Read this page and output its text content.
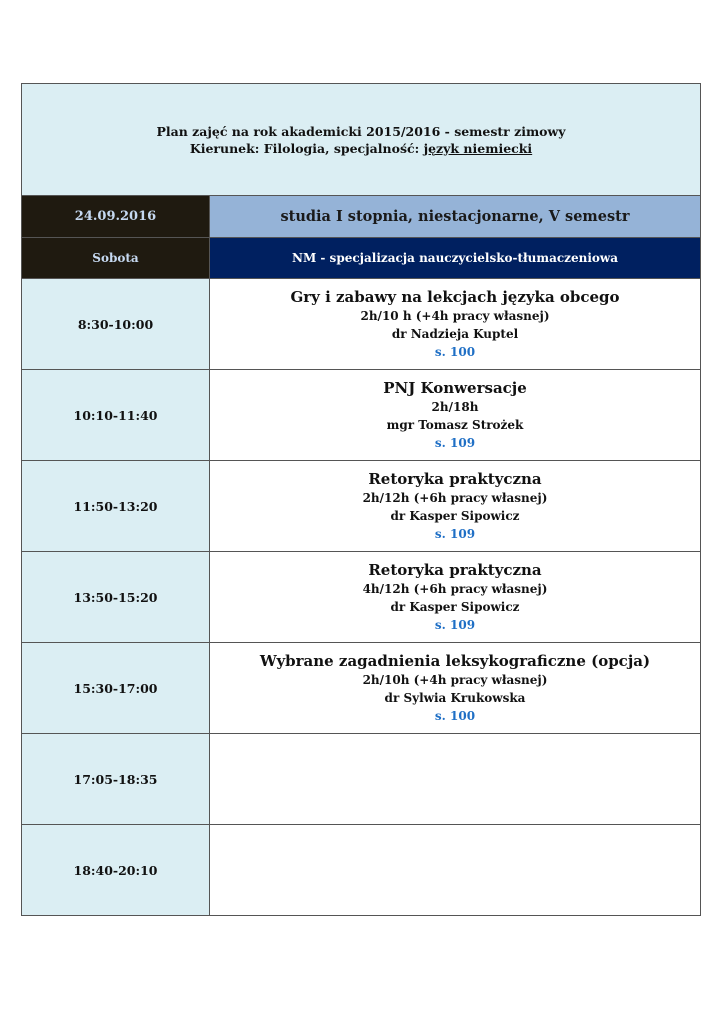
Plan zajęć na rok akademicki 2015/2016 - semestr zimowy
Kierunek: Filologia, specjalność: język niemiecki	

24.09.2016	studia I stopnia, niestacjonarne, V semestr
Sobota	NM - specjalizacja nauczycielsko-tłumaczeniowa
8:30-10:00	Gry i zabawy na lekcjach języka obcego
2h/10 h (+4h pracy własnej)
dr Nadzieja Kuptel
s. 100

10:10-11:40	PNJ Konwersacje
2h/18h
mgr Tomasz Strożek
s. 109

11:50-13:20	Retoryka praktyczna
2h/12h (+6h pracy własnej)
dr Kasper Sipowicz
s. 109

13:50-15:20	Retoryka praktyczna
4h/12h (+6h pracy własnej)
dr Kasper Sipowicz
s. 109

15:30-17:00	Wybrane zagadnienia leksykograficzne (opcja)
2h/10h (+4h pracy własnej)
dr Sylwia Krukowska
s. 100

17:05-18:35	

18:40-20:10	
